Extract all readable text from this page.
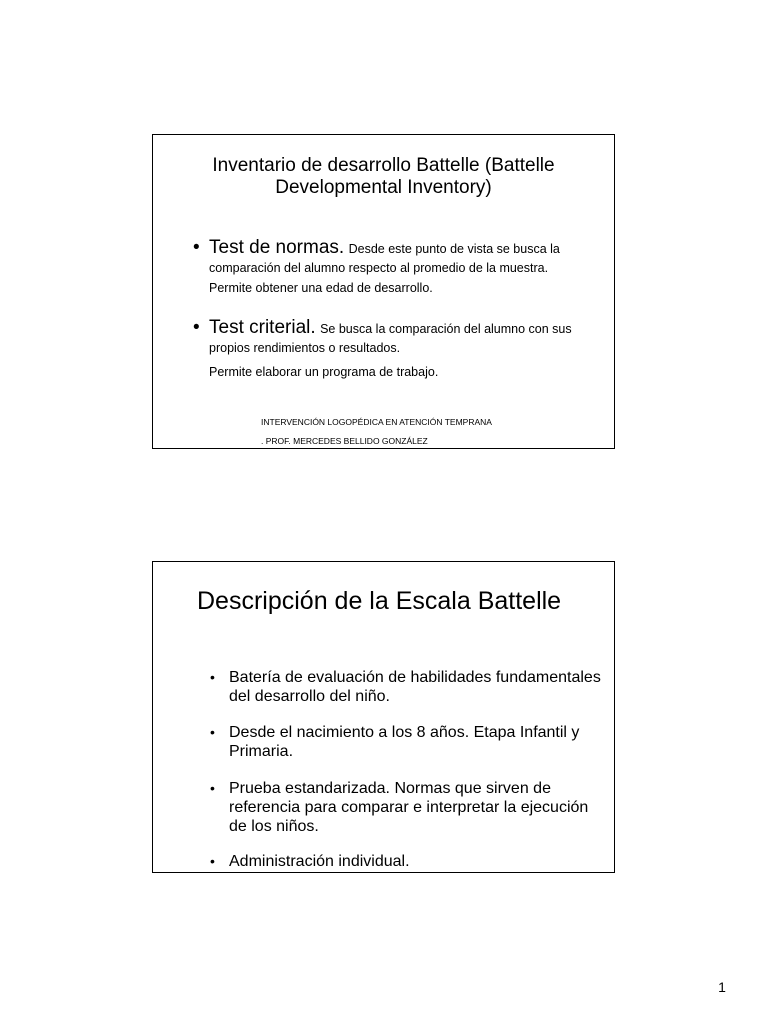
Inventario de desarrollo Battelle (Battelle Developmental Inventory)
• Test de normas. Desde este punto de vista se busca la comparación del alumno respecto al promedio de la muestra.
Permite obtener una edad de desarrollo.
• Test criterial. Se busca la comparación del alumno con sus propios rendimientos o resultados.
Permite elaborar un programa de trabajo.
INTERVENCIÓN LOGOPÉDICA EN ATENCIÓN TEMPRANA
. PROF. MERCEDES BELLIDO GONZÁLEZ
Descripción de la Escala Battelle
• Batería de evaluación de habilidades fundamentales del desarrollo del niño.
• Desde el nacimiento a los 8 años. Etapa Infantil y Primaria.
• Prueba estandarizada. Normas que sirven de referencia para comparar e interpretar la ejecución de los niños.
• Administración individual.
1
